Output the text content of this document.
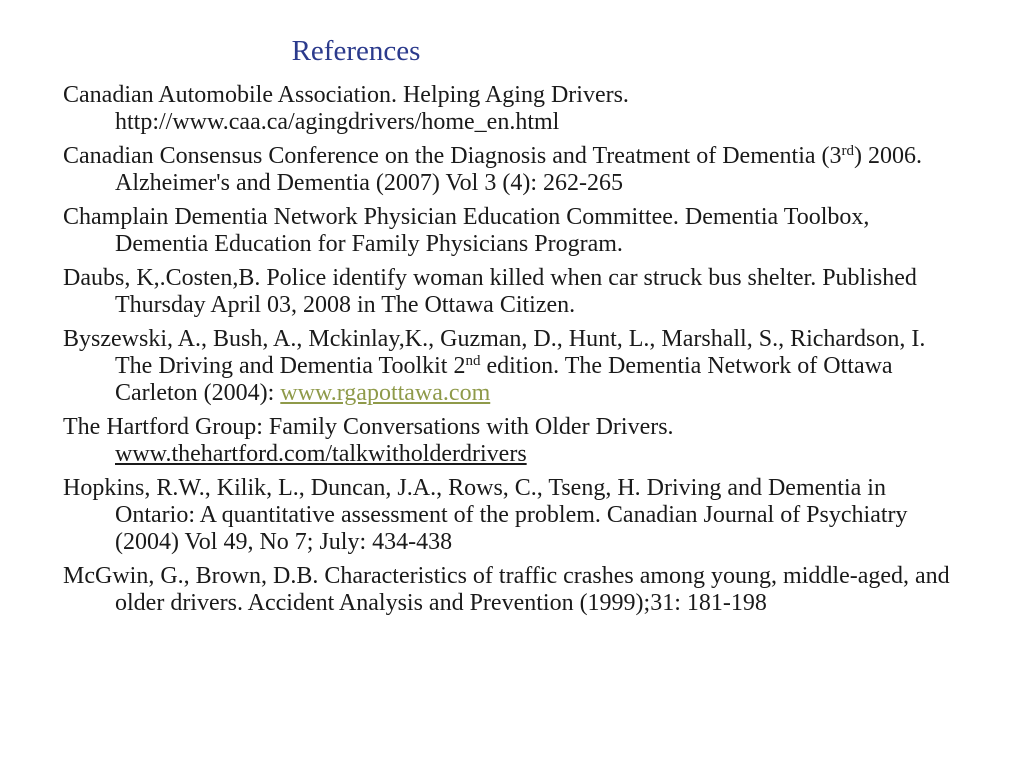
References
Canadian Automobile Association. Helping Aging Drivers. http://www.caa.ca/agingdrivers/home_en.html
Canadian Consensus Conference on the Diagnosis and Treatment of Dementia (3rd) 2006. Alzheimer's and Dementia (2007) Vol 3 (4): 262-265
Champlain Dementia Network Physician Education Committee. Dementia Toolbox, Dementia Education for Family Physicians Program.
Daubs, K,.Costen,B. Police identify woman killed when car struck bus shelter. Published Thursday April 03, 2008 in The Ottawa Citizen.
Byszewski, A., Bush, A., Mckinlay,K., Guzman, D., Hunt, L., Marshall, S., Richardson, I. The Driving and Dementia Toolkit 2nd edition. The Dementia Network of Ottawa Carleton (2004): www.rgapottawa.com
The Hartford Group: Family Conversations with Older Drivers. www.thehartford.com/talkwitholderdrivers
Hopkins, R.W., Kilik, L., Duncan, J.A., Rows, C., Tseng, H. Driving and Dementia in Ontario: A quantitative assessment of the problem. Canadian Journal of Psychiatry (2004) Vol 49, No 7; July: 434-438
McGwin, G., Brown, D.B. Characteristics of traffic crashes among young, middle-aged, and older drivers. Accident Analysis and Prevention (1999);31: 181-198
